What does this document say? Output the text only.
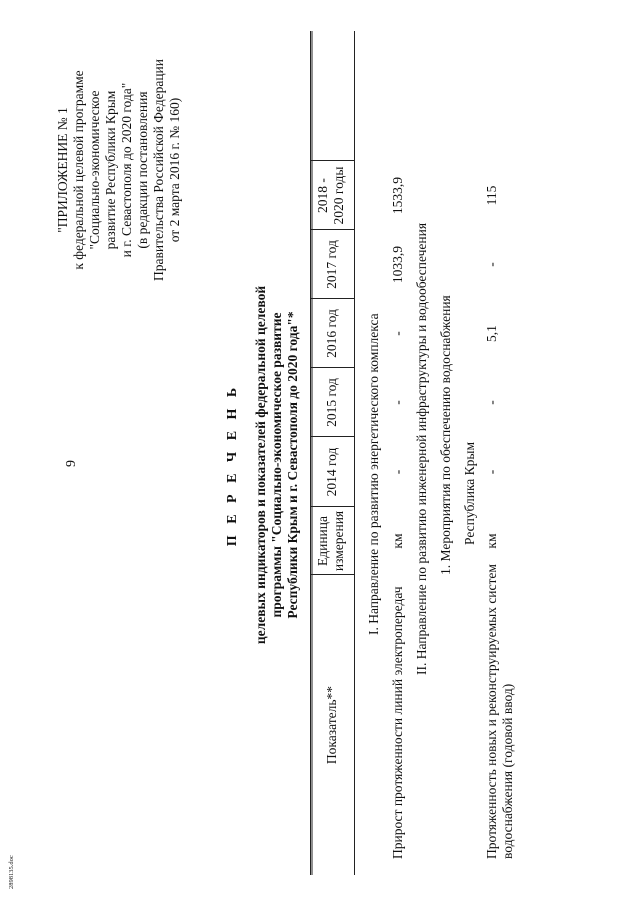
2898135.doc
9
"ПРИЛОЖЕНИЕ № 1 к федеральной целевой программе "Социально-экономическое развитие Республики Крым и г. Севастополя до 2020 года" (в редакции постановления Правительства Российской Федерации от 2 марта 2016 г. № 160)
П Е Р Е Ч Е Н Ь целевых индикаторов и показателей федеральной целевой программы "Социально-экономическое развитие Республики Крым и г. Севастополя до 2020 года"*
Показатель**
Единица измерения
2014 год
2015 год
2016 год
2017 год
2018 - 2020 годы
I. Направление по развитию энергетического комплекса
Прирост протяженности линий электропередач
км
-
-
-
1033,9
1533,9
II. Направление по развитию инженерной инфраструктуры и водообеспечения 1. Мероприятия по обеспечению водоснабжения Республика Крым
Протяженность новых и реконструируемых систем водоснабжения (годовой ввод)
км
-
-
5,1
-
115
